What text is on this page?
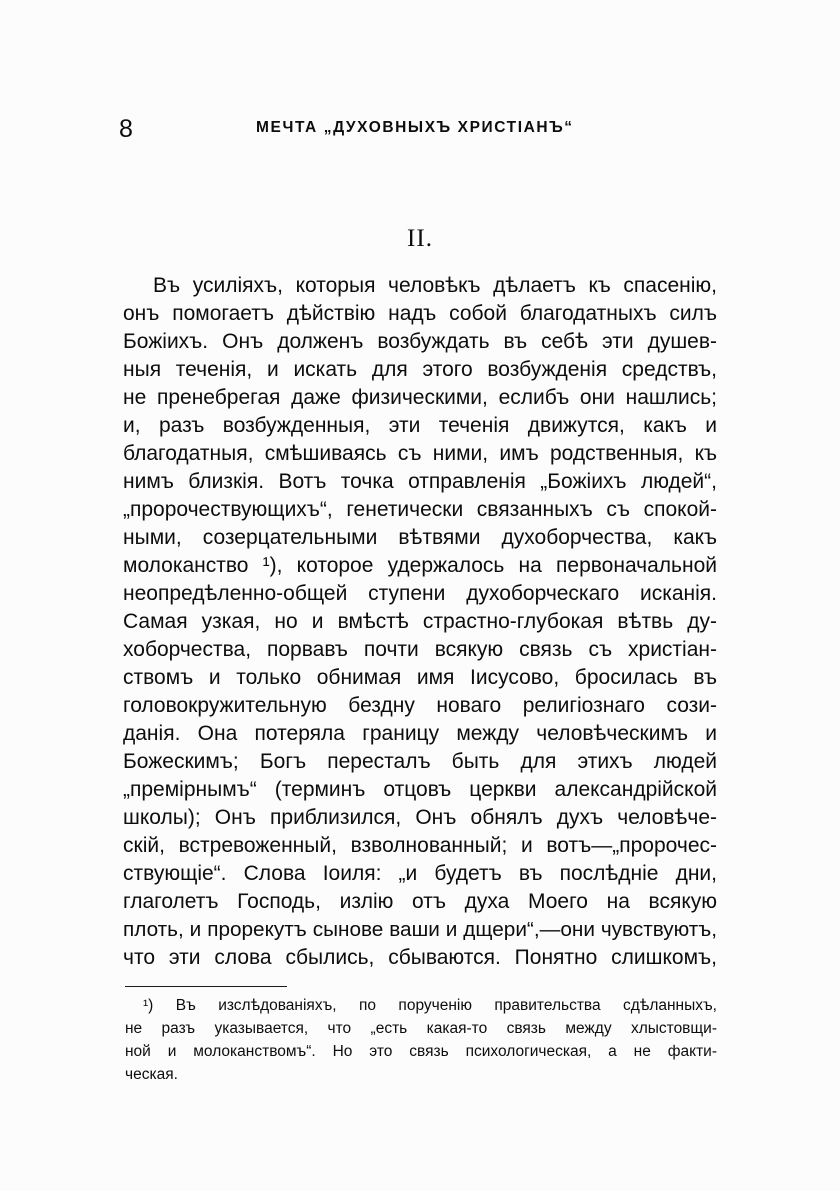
8	МЕЧТА „ДУХОВНЫХЪ ХРИСТІАНЪ“
II.
Въ усиліяхъ, которыя человѣкъ дѣлаетъ къ спасенію,
онъ помогаетъ дѣйствію надъ собой благодатныхъ силъ
Божіихъ. Онъ долженъ возбуждать въ себѣ эти душев-
ныя теченія, и искать для этого возбужденія средствъ,
не пренебрегая даже физическими, еслибъ они нашлись;
и, разъ возбужденныя, эти теченія движутся, какъ и
благодатныя, смѣшиваясь съ ними, имъ родственныя, къ
нимъ близкія. Вотъ точка отправленія „Божіихъ людей“,
„пророчествующихъ“, генетически связанныхъ съ спокой-
ными, созерцательными вѣтвями духоборчества, какъ
молоканство ¹), которое удержалось на первоначальной
неопредѣленно-общей ступени духоборческаго исканія.
Самая узкая, но и вмѣстѣ страстно-глубокая вѣтвь ду-
хоборчества, порвавъ почти всякую связь съ христіан-
ствомъ и только обнимая имя Іисусово, бросилась въ
головокружительную бездну новаго религіознаго сози-
данія. Она потеряла границу между человѣческимъ и
Божескимъ; Богъ пересталъ быть для этихъ людей
„премірнымъ“ (терминъ отцовъ церкви александрійской
школы); Онъ приблизился, Онъ обнялъ духъ человѣче-
скій, встревоженный, взволнованный; и вотъ—„пророчес-
ствующіе“. Слова Іоиля: „и будетъ въ послѣдніе дни,
глаголетъ Господь, излію отъ духа Моего на всякую
плоть, и прорекутъ сынове ваши и дщери“,—они чувствуютъ,
что эти слова сбылись, сбываются. Понятно слишкомъ,
¹) Въ изслѣдованіяхъ, по порученію правительства сдѣланныхъ,
не разъ указывается, что „есть какая-то связь между хлыстовщи-
ной и молоканствомъ“. Но это связь психологическая, а не факти-
ческая.
